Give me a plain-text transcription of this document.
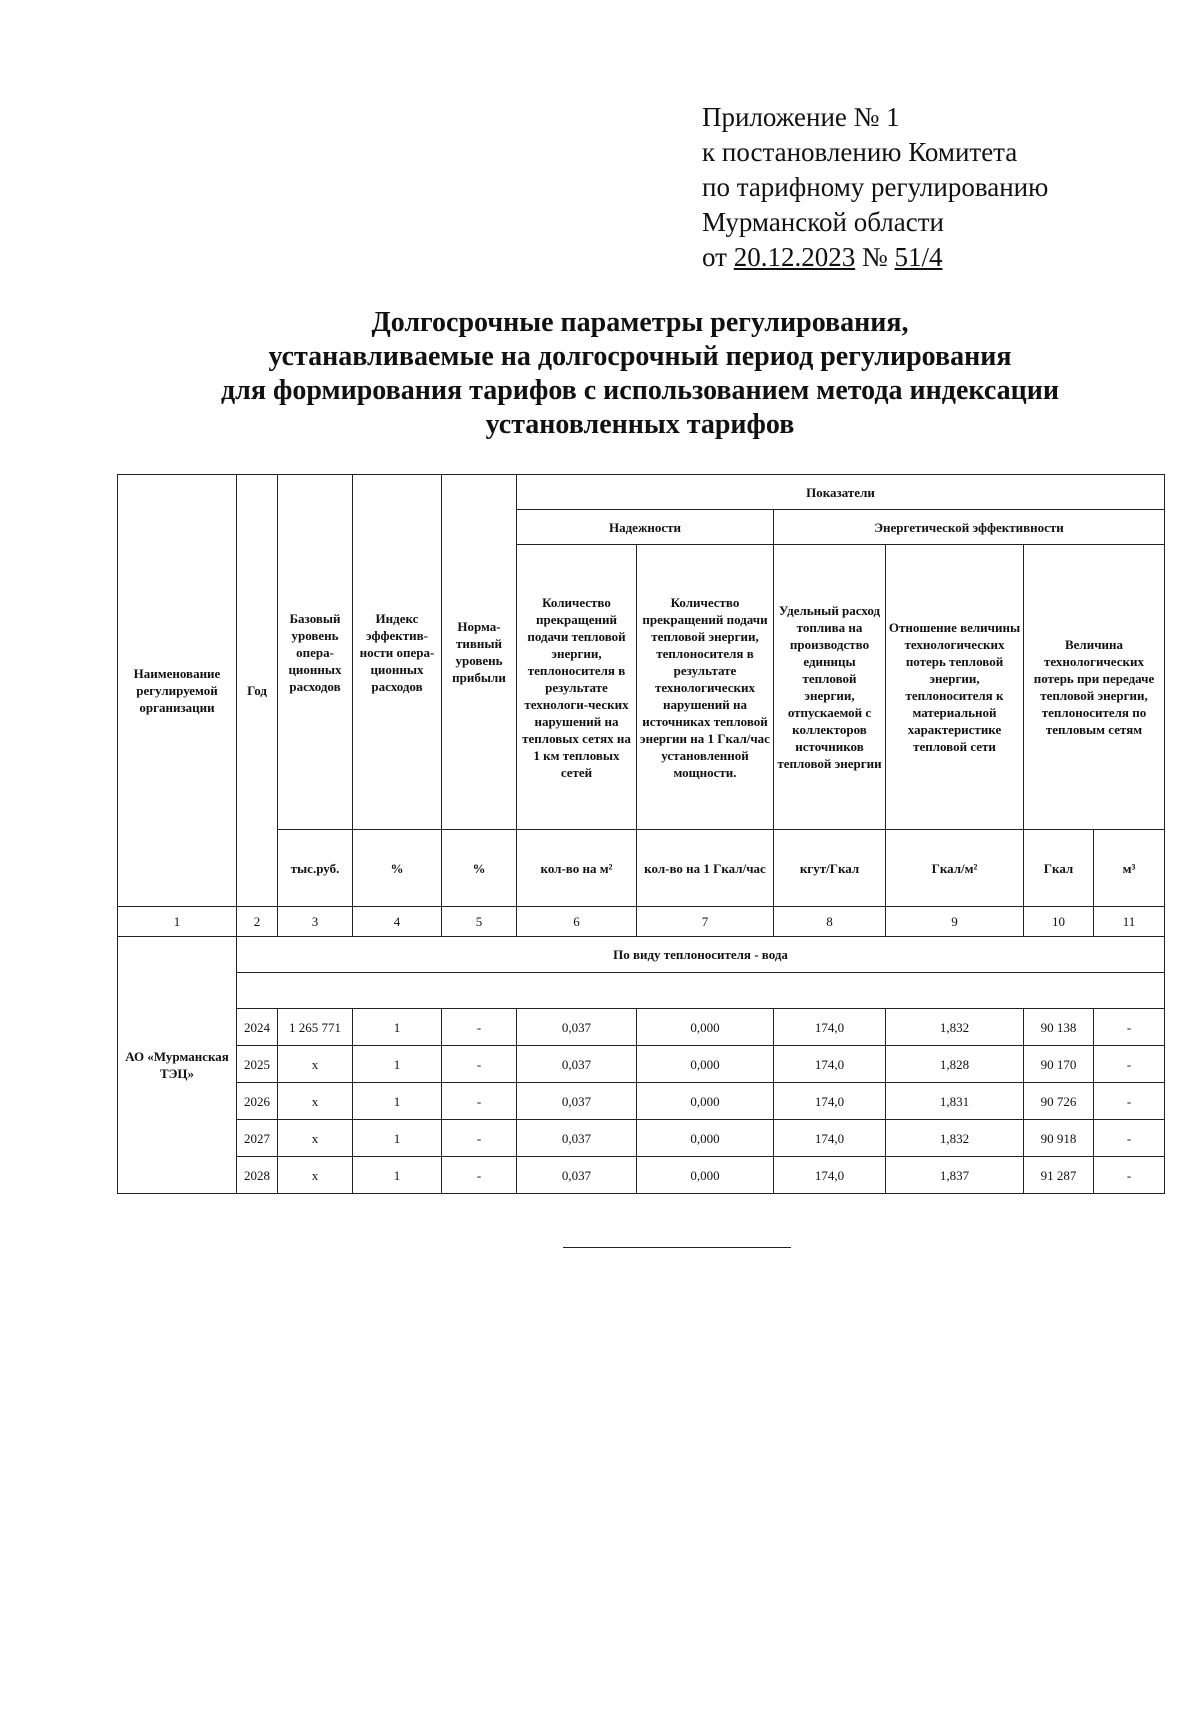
Приложение № 1
к постановлению Комитета
по тарифному регулированию
Мурманской области
от 20.12.2023 № 51/4
Долгосрочные параметры регулирования,
устанавливаемые на долгосрочный период регулирования
для формирования тарифов с использованием метода индексации
установленных тарифов
Наименование регулируемой организации	Год	Базовый уровень опера-ционных расходов	Индекс эффектив-ности опера-ционных расходов	Норма-тивный уровень прибыли	Показатели					
					Надежности		Энергетической эффективности			
					Количество прекращений подачи тепловой энергии, теплоносителя в результате технологи-ческих нарушений на тепловых сетях на 1 км тепловых сетей	Количество прекращений подачи тепловой энергии, теплоносителя в результате технологических нарушений на источниках тепловой энергии на 1 Гкал/час установленной мощности.	Удельный расход топлива на производство единицы тепловой энергии, отпускаемой с коллекторов источников тепловой энергии	Отношение величины технологических потерь тепловой энергии, теплоносителя к материальной характеристике тепловой сети	Величина технологических потерь при передаче тепловой энергии, теплоносителя по тепловым сетям	
		тыс.руб.	%	%	кол-во на м²	кол-во на 1 Гкал/час	кгут/Гкал	Гкал/м²	Гкал	м³
1	2	3	4	5	6	7	8	9	10	11
АО «Мурманская ТЭЦ»	По виду теплоносителя - вода									

	2024	1 265 771	1	-	0,037	0,000	174,0	1,832	90 138	-
	2025	х	1	-	0,037	0,000	174,0	1,828	90 170	-
	2026	х	1	-	0,037	0,000	174,0	1,831	90 726	-
	2027	х	1	-	0,037	0,000	174,0	1,832	90 918	-
	2028	х	1	-	0,037	0,000	174,0	1,837	91 287	-
